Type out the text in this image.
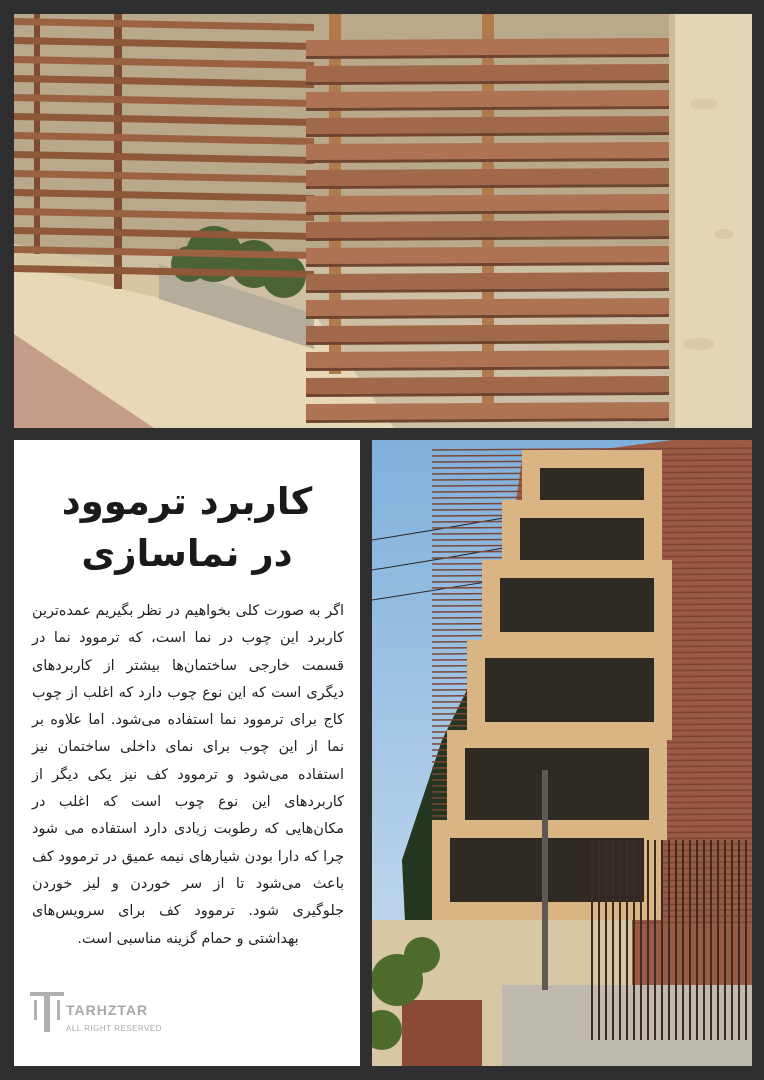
کاربرد ترموود
در نماسازی
اگر به صورت کلی بخواهیم در نظر بگیریم عمده‌ترین کاربرد این چوب در نما است، که ترموود نما در قسمت خارجی ساختمان‌ها بیشتر از کاربردهای دیگری است که این نوع چوب دارد که اغلب از چوب کاج برای ترموود نما استفاده می‌شود. اما علاوه بر نما از این چوب برای نمای داخلی ساختمان نیز استفاده می‌شود و ترموود کف نیز یکی دیگر از کاربردهای این نوع چوب است که اغلب در مکان‌هایی که رطوبت زیادی دارد استفاده می شود چرا که دارا بودن شیارهای نیمه عمیق در ترموود کف باعث می‌شود تا از سر خوردن و لیز خوردن جلوگیری شود. ترموود کف برای سرویس‌های بهداشتی و حمام گزینه مناسبی است.
TARHZTAR
ALL RIGHT RESERVED
